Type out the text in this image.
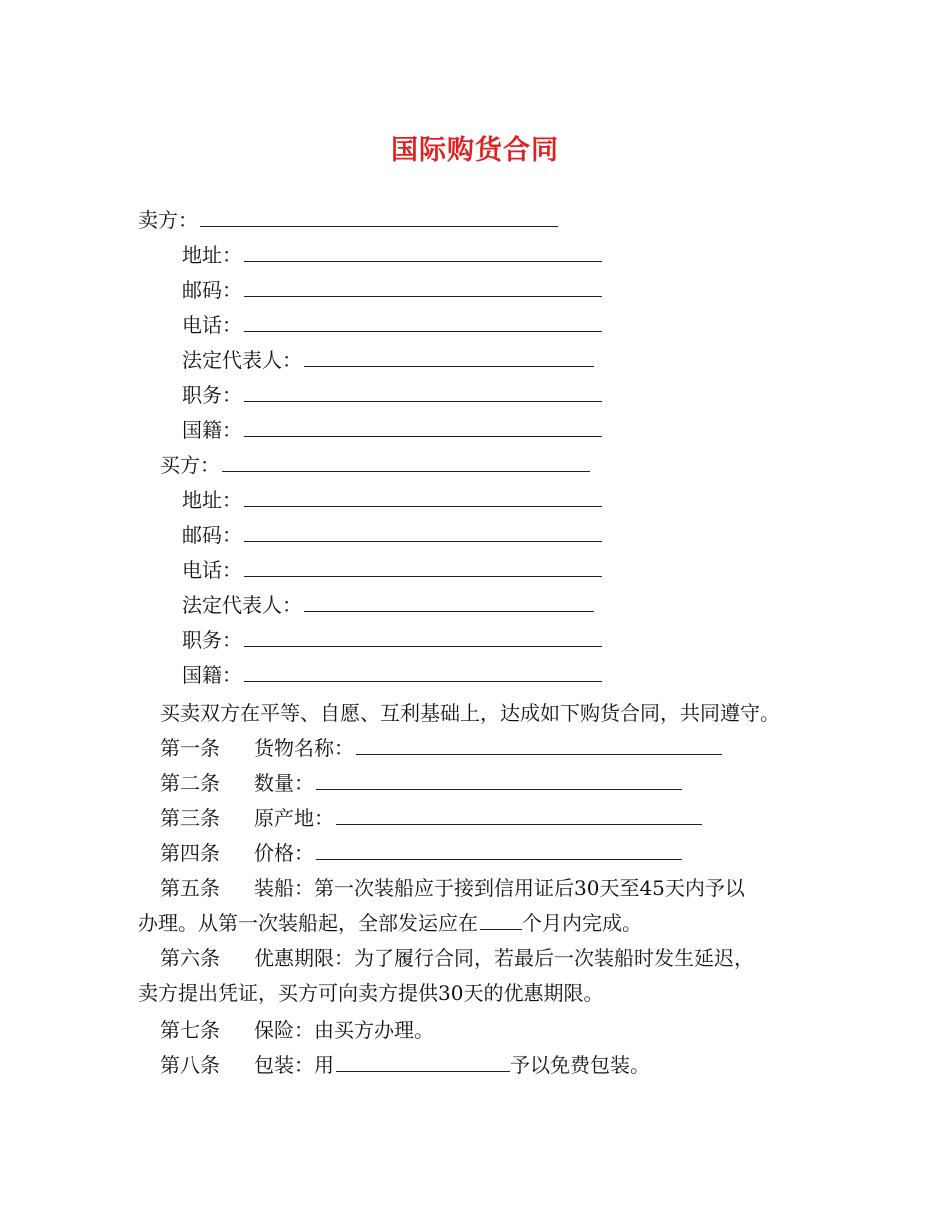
国际购货合同
卖方：
地址：
邮码：
电话：
法定代表人：
职务：
国籍：
买方：
地址：
邮码：
电话：
法定代表人：
职务：
国籍：
买卖双方在平等、自愿、互利基础上，达成如下购货合同，共同遵守。
第一条 货物名称：
第二条 数量：
第三条 原产地：
第四条 价格：
第五条 装船：第一次装船应于接到信用证后30天至45天内予以
办理。从第一次装船起，全部发运应在 个月内完成。
第六条 优惠期限：为了履行合同，若最后一次装船时发生延迟，
卖方提出凭证，买方可向卖方提供30天的优惠期限。
第七条 保险：由买方办理。
第八条 包装：用	予以免费包装。
